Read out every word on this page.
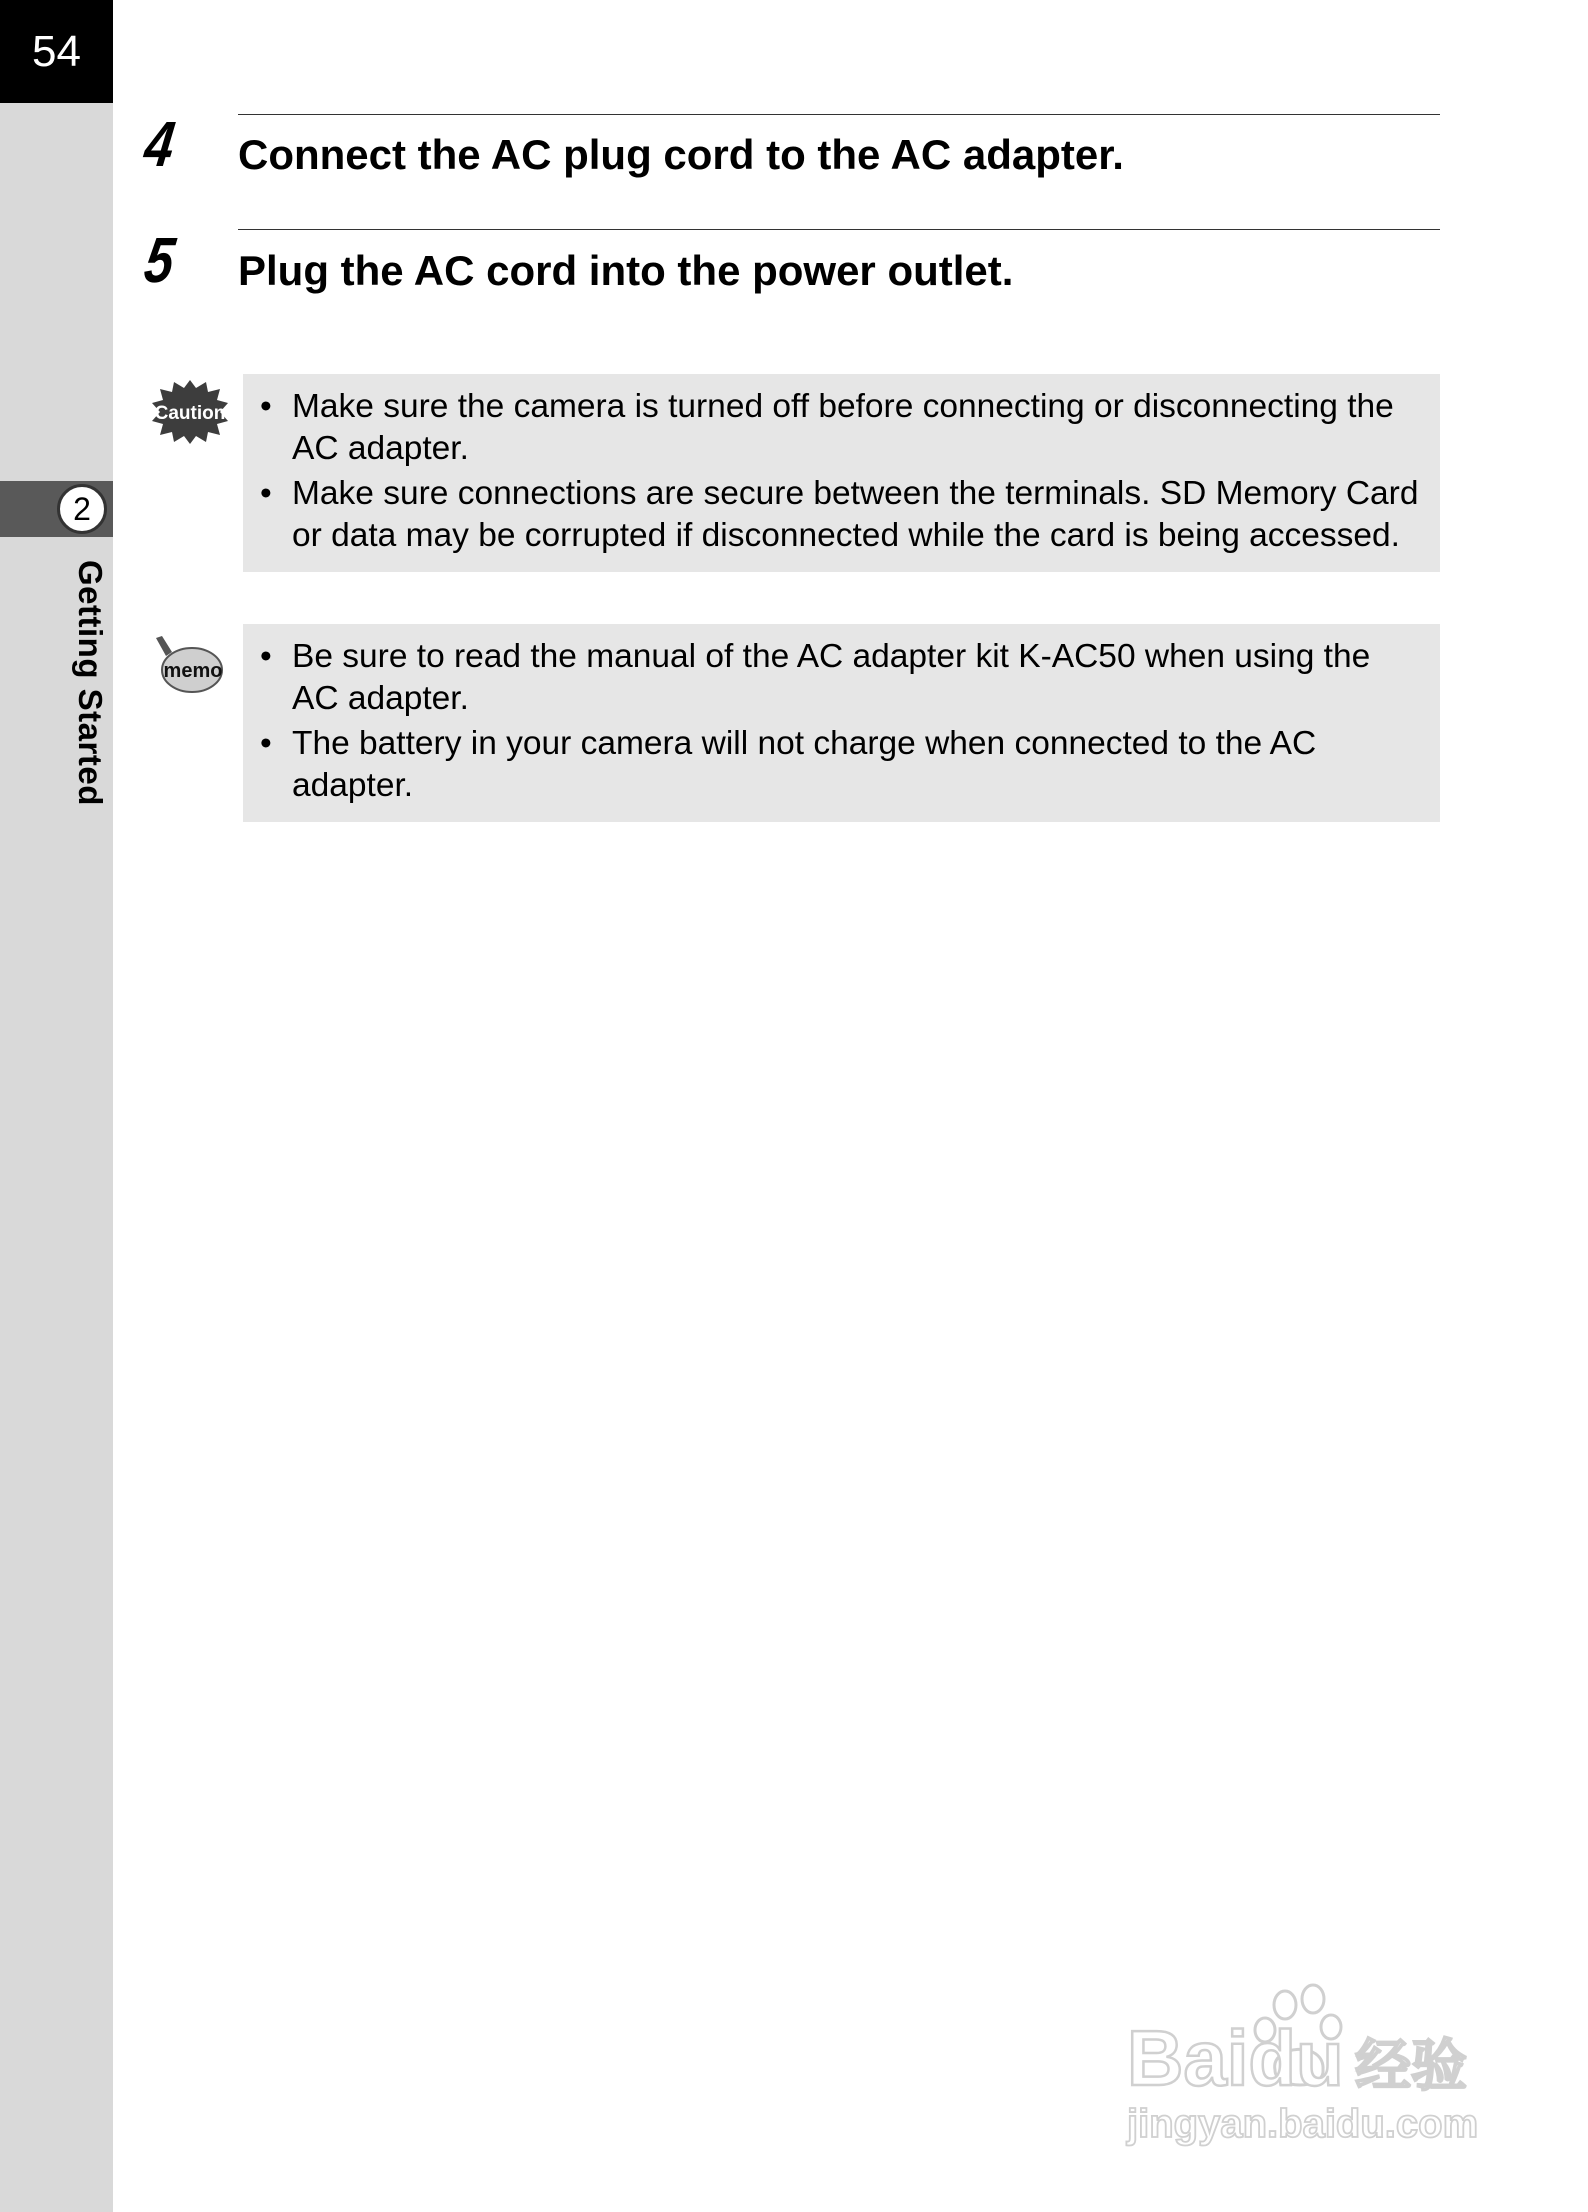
54
2
Getting Started
4 Connect the AC plug cord to the AC adapter.
5 Plug the AC cord into the power outlet.
Caution	• Make sure the camera is turned off before connecting or disconnecting the AC adapter.
• Make sure connections are secure between the terminals. SD Memory Card or data may be corrupted if disconnected while the card is being accessed.
memo	• Be sure to read the manual of the AC adapter kit K-AC50 when using the AC adapter.
• The battery in your camera will not charge when connected to the AC adapter.
Baidu 经验
jingyan.baidu.com
